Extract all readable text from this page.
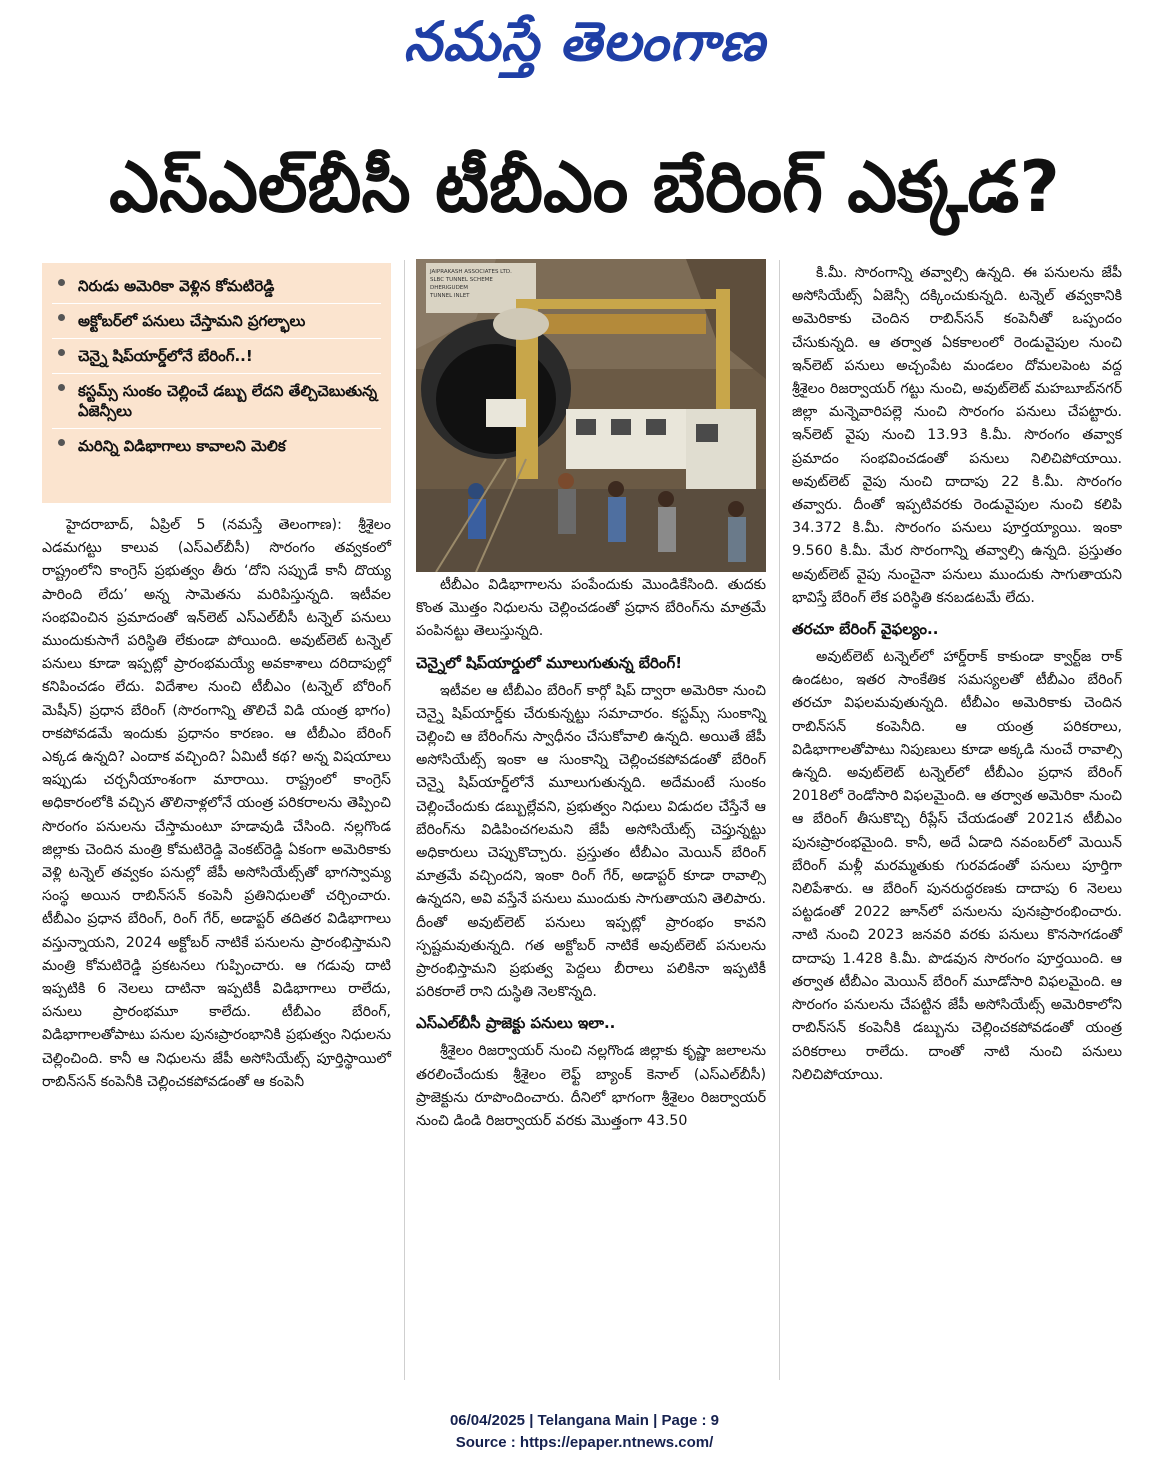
నమస్తే తెలంగాణ
ఎస్‌ఎల్‌బీసీ టీబీఎం బేరింగ్‌ ఎక్కడ?
నిరుడు అమెరికా వెళ్లిన కోమటిరెడ్డి
అక్టోబర్‌లో పనులు చేస్తామని ప్రగల్భాలు
చెన్నై షిప్‌యార్డ్‌లోనే బేరింగ్‌..!
కస్టమ్స్‌ సుంకం చెల్లించే డబ్బు లేదని తేల్చిచెబుతున్న ఏజెన్సీలు
మరిన్ని విడిభాగాలు కావాలని మెలిక
JAIPRAKASH ASSOCIATES LTD. SLBC TUNNEL SCHEME DHERIGUDEM TUNNEL INLET

హైదరాబాద్‌, ఏప్రిల్‌ 5 (నమస్తే తెలంగాణ): శ్రీశైలం ఎడమగట్టు కాలువ (ఎస్‌ఎల్‌బీసీ) సొరంగం తవ్వకంలో రాష్ట్రంలోని కాంగ్రెస్‌ ప్రభుత్వం తీరు ‘దోని సప్పుడే కానీ దొయ్య పారింది లేదు’ అన్న సామెతను మరిపిస్తున్నది. ఇటీవల సంభవించిన ప్రమాదంతో ఇన్‌లెట్‌ ఎస్‌ఎల్‌బీసీ టన్నెల్‌ పనులు ముందుకుసాగే పరిస్థితి లేకుండా పోయింది. అవుట్‌లెట్‌ టన్నెల్‌ పనులు కూడా ఇప్పట్లో ప్రారంభమయ్యే అవకాశాలు దరిదాపుల్లో కనిపించడం లేదు. విదేశాల నుంచి టీబీఎం (టన్నెల్‌ బోరింగ్‌ మెషీన్‌) ప్రధాన బేరింగ్‌ (సొరంగాన్ని తొలిచే విడి యంత్ర భాగం) రాకపోవడమే ఇందుకు ప్రధానం కారణం. ఆ టీబీఎం బేరింగ్‌ ఎక్కడ ఉన్నది? ఎందాక వచ్చింది? ఏమిటీ కథ? అన్న విషయాలు ఇప్పుడు చర్చనీయాంశంగా మారాయి. రాష్ట్రంలో కాంగ్రెస్‌ అధికారంలోకి వచ్చిన తొలినాళ్లలోనే యంత్ర పరికరాలను తెప్పించి సొరంగం పనులను చేస్తామంటూ హడావుడి చేసింది. నల్లగొండ జిల్లాకు చెందిన మంత్రి కోమటిరెడ్డి వెంకట్‌రెడ్డి ఏకంగా అమెరికాకు వెళ్లి టన్నెల్‌ తవ్వకం పనుల్లో జేపీ అసోసియేట్స్‌తో భాగస్వామ్య సంస్థ అయిన రాబిన్‌సన్‌ కంపెనీ ప్రతినిధులతో చర్చించారు. టీబీఎం ప్రధాన బేరింగ్‌, రింగ్‌ గేర్‌, అడాప్టర్‌ తదితర విడిభాగాలు వస్తున్నాయని, 2024 అక్టోబర్‌ నాటికే పనులను ప్రారంభిస్తామని మంత్రి కోమటిరెడ్డి ప్రకటనలు గుప్పించారు. ఆ గడువు దాటి ఇప్పటికి 6 నెలలు దాటినా ఇప్పటికీ విడిభాగాలు రాలేదు, పనులు ప్రారంభమూ కాలేదు. టీబీఎం బేరింగ్‌, విడిభాగాలతోపాటు పనుల పునఃప్రారంభానికి ప్రభుత్వం నిధులను చెల్లించింది. కానీ ఆ నిధులను జేపీ అసోసియేట్స్‌ పూర్తిస్థాయిలో రాబిన్‌సన్‌ కంపెనీకి చెల్లించకపోవడంతో ఆ కంపెనీ

టీబీఎం విడిభాగాలను పంపేందుకు మొండికేసింది. తుదకు కొంత మొత్తం నిధులను చెల్లించడంతో ప్రధాన బేరింగ్‌ను మాత్రమే పంపినట్టు తెలుస్తున్నది.

చెన్నైలో షిప్‌యార్డులో మూలుగుతున్న బేరింగ్‌!

ఇటీవల ఆ టీబీఎం బేరింగ్‌ కార్గో షిప్‌ ద్వారా అమెరికా నుంచి చెన్నై షిప్‌యార్డ్‌కు చేరుకున్నట్టు సమాచారం. కస్టమ్స్‌ సుంకాన్ని చెల్లించి ఆ బేరింగ్‌ను స్వాధీనం చేసుకోవాలి ఉన్నది. అయితే జేపీ అసోసియేట్స్‌ ఇంకా ఆ సుంకాన్ని చెల్లించకపోవడంతో బేరింగ్‌ చెన్నై షిప్‌యార్డ్‌లోనే మూలుగుతున్నది. అదేమంటే సుంకం చెల్లించేందుకు డబ్బుల్లేవని, ప్రభుత్వం నిధులు విడుదల చేస్తేనే ఆ బేరింగ్‌ను విడిపించగలమని జేపీ అసోసియేట్స్‌ చెప్తున్నట్టు అధికారులు చెప్పుకొచ్చారు. ప్రస్తుతం టీబీఎం మెయిన్‌ బేరింగ్‌ మాత్రమే వచ్చిందని, ఇంకా రింగ్‌ గేర్‌, అడాప్టర్‌ కూడా రావాల్సి ఉన్నదని, అవి వస్తేనే పనులు ముందుకు సాగుతాయని తెలిపారు. దీంతో అవుట్‌లెట్‌ పనులు ఇప్పట్లో ప్రారంభం కావని స్పష్టమవుతున్నది. గత అక్టోబర్‌ నాటికే అవుట్‌లెట్‌ పనులను ప్రారంభిస్తామని ప్రభుత్వ పెద్దలు బీరాలు పలికినా ఇప్పటికీ పరికరాలే రాని దుస్థితి నెలకొన్నది.

ఎస్‌ఎల్‌బీసీ ప్రాజెక్టు పనులు ఇలా..

శ్రీశైలం రిజర్వాయర్‌ నుంచి నల్లగొండ జిల్లాకు కృష్ణా జలాలను తరలించేందుకు శ్రీశైలం లెఫ్ట్‌ బ్యాంక్‌ కెనాల్‌ (ఎస్‌ఎల్‌బీసీ) ప్రాజెక్టును రూపొందించారు. దీనిలో భాగంగా శ్రీశైలం రిజర్వాయర్‌ నుంచి డిండి రిజర్వాయర్‌ వరకు మొత్తంగా 43.50

కి.మీ. సొరంగాన్ని తవ్వాల్సి ఉన్నది. ఈ పనులను జేపీ అసోసియేట్స్‌ ఏజెన్సీ దక్కించుకున్నది. టన్నెల్‌ తవ్వకానికి అమెరికాకు చెందిన రాబిన్‌సన్‌ కంపెనీతో ఒప్పందం చేసుకున్నది. ఆ తర్వాత ఏకకాలంలో రెండువైపుల నుంచి ఇన్‌లెట్‌ పనులు అచ్చంపేట మండలం దోమలపెంట వద్ద శ్రీశైలం రిజర్వాయర్‌ గట్టు నుంచి, అవుట్‌లెట్‌ మహబూబ్‌నగర్‌ జిల్లా మన్నెవారిపల్లె నుంచి సొరంగం పనులు చేపట్టారు. ఇన్‌లెట్‌ వైపు నుంచి 13.93 కి.మీ. సొరంగం తవ్వాక ప్రమాదం సంభవించడంతో పనులు నిలిచిపోయాయి. అవుట్‌లెట్‌ వైపు నుంచి దాదాపు 22 కి.మీ. సొరంగం తవ్వారు. దీంతో ఇప్పటివరకు రెండువైపుల నుంచి కలిపి 34.372 కి.మీ. సొరంగం పనులు పూర్తయ్యాయి. ఇంకా 9.560 కి.మీ. మేర సొరంగాన్ని తవ్వాల్సి ఉన్నది. ప్రస్తుతం అవుట్‌లెట్‌ వైపు నుంచైనా పనులు ముందుకు సాగుతాయని భావిస్తే బేరింగ్‌ లేక పరిస్థితి కనబడటమే లేదు.

తరచూ బేరింగ్‌ వైఫల్యం..

అవుట్‌లెట్‌ టన్నెల్‌లో హార్డ్‌రాక్‌ కాకుండా క్వార్ట్‌జ రాక్‌ ఉండటం, ఇతర సాంకేతిక సమస్యలతో టీబీఎం బేరింగ్‌ తరచూ విఫలమవుతున్నది. టీబీఎం అమెరికాకు చెందిన రాబిన్‌సన్‌ కంపెనీది. ఆ యంత్ర పరికరాలు, విడిభాగాలతోపాటు నిపుణులు కూడా అక్కడి నుంచే రావాల్సి ఉన్నది. అవుట్‌లెట్‌ టన్నెల్‌లో టీబీఎం ప్రధాన బేరింగ్‌ 2018లో రెండోసారి విఫలమైంది. ఆ తర్వాత అమెరికా నుంచి ఆ బేరింగ్‌ తీసుకొచ్చి రీప్లేస్‌ చేయడంతో 2021న టీబీఎం పునఃప్రారంభమైంది. కానీ, అదే ఏడాది నవంబర్‌లో మెయిన్‌ బేరింగ్‌ మళ్లీ మరమ్మతుకు గురవడంతో పనులు పూర్తిగా నిలిపేశారు. ఆ బేరింగ్‌ పునరుద్ధరణకు దాదాపు 6 నెలలు పట్టడంతో 2022 జూన్‌లో పనులను పునఃప్రారంభించారు. నాటి నుంచి 2023 జనవరి వరకు పనులు కొనసాగడంతో దాదాపు 1.428 కి.మీ. పొడవున సొరంగం పూర్తయింది. ఆ తర్వాత టీబీఎం మెయిన్‌ బేరింగ్‌ మూడోసారి విఫలమైంది. ఆ సొరంగం పనులను చేపట్టిన జేపీ అసోసియేట్స్‌ అమెరికాలోని రాబిన్‌సన్‌ కంపెనీకి డబ్బును చెల్లించకపోవడంతో యంత్ర పరికరాలు రాలేదు. దాంతో నాటి నుంచి పనులు నిలిచిపోయాయి.

06/04/2025 | Telangana Main | Page : 9
Source : https://epaper.ntnews.com/
